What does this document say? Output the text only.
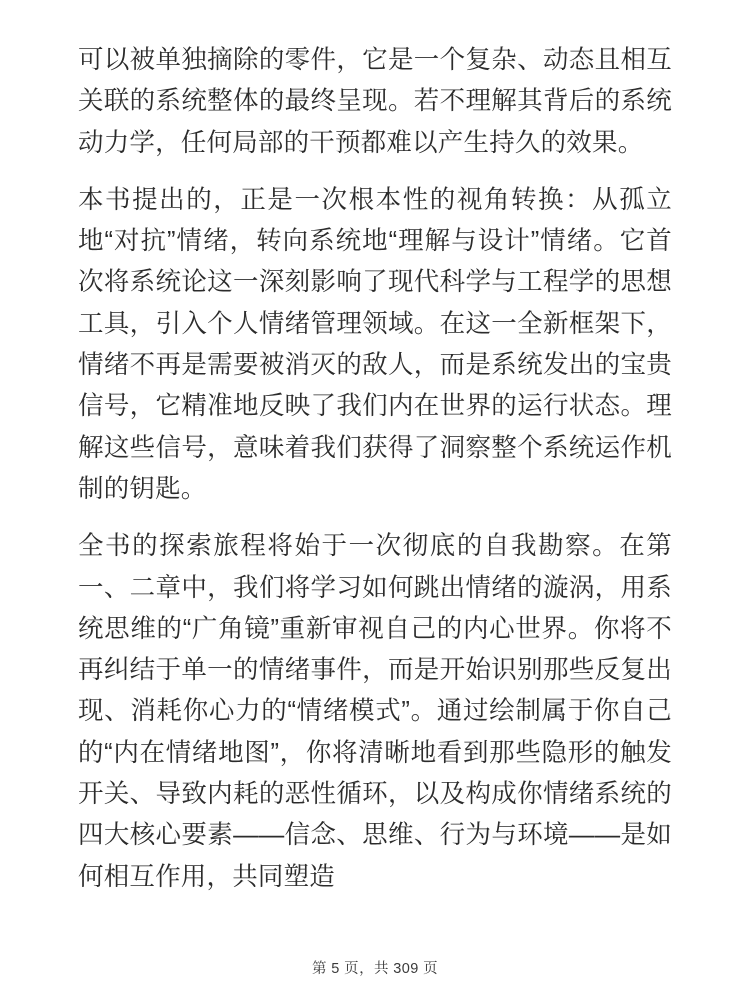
可以被单独摘除的零件，它是一个复杂、动态且相互关联的系统整体的最终呈现。若不理解其背后的系统动力学，任何局部的干预都难以产生持久的效果。

本书提出的，正是一次根本性的视角转换：从孤立地“对抗”情绪，转向系统地“理解与设计”情绪。它首次将系统论这一深刻影响了现代科学与工程学的思想工具，引入个人情绪管理领域。在这一全新框架下，情绪不再是需要被消灭的敌人，而是系统发出的宝贵信号，它精准地反映了我们内在世界的运行状态。理解这些信号，意味着我们获得了洞察整个系统运作机制的钥匙。

全书的探索旅程将始于一次彻底的自我勘察。在第一、二章中，我们将学习如何跳出情绪的漩涡，用系统思维的“广角镜”重新审视自己的内心世界。你将不再纠结于单一的情绪事件，而是开始识别那些反复出现、消耗你心力的“情绪模式”。通过绘制属于你自己的“内在情绪地图”，你将清晰地看到那些隐形的触发开关、导致内耗的恶性循环，以及构成你情绪系统的四大核心要素——信念、思维、行为与环境——是如何相互作用，共同塑造

第 5 页，共 309 页
